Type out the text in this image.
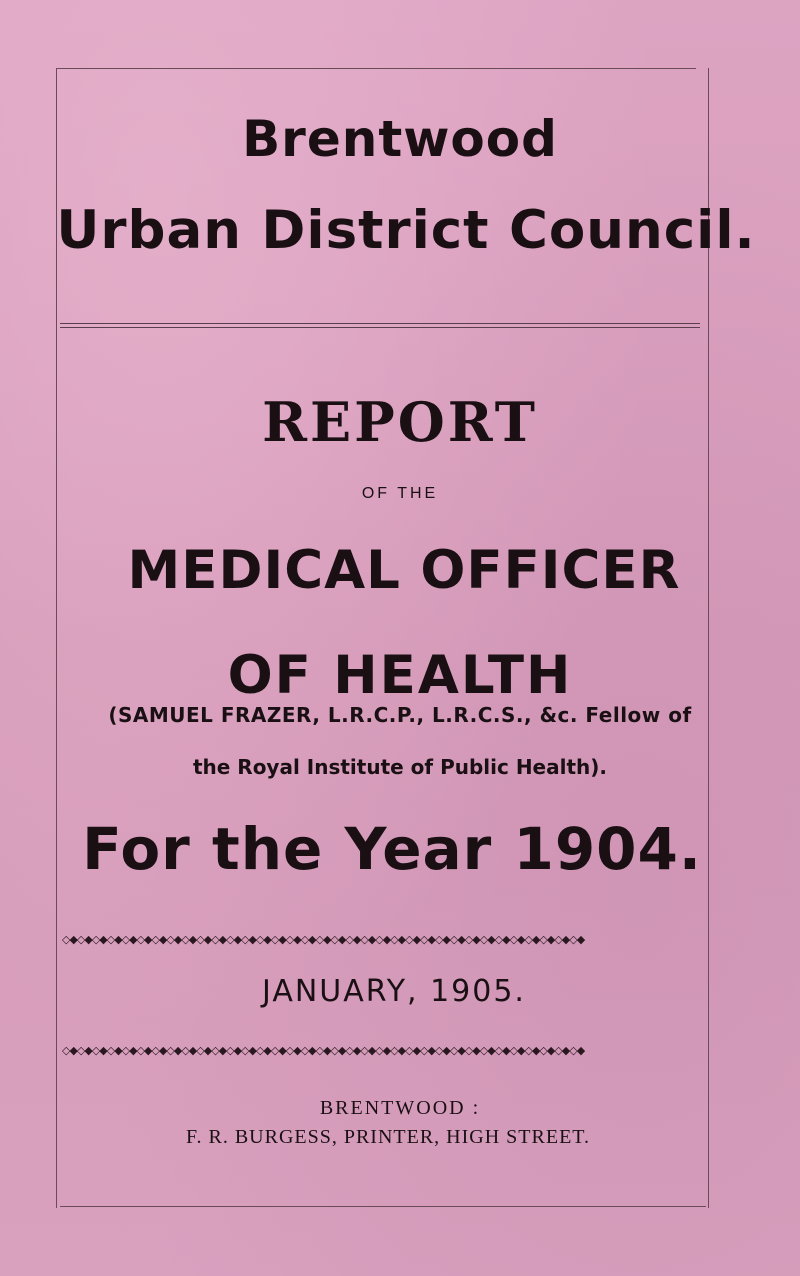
Brentwood
Urban District Council.
REPORT
OF THE
MEDICAL OFFICER
OF HEALTH
(SAMUEL FRAZER, L.R.C.P., L.R.C.S., &c. Fellow of
the Royal Institute of Public Health).
For the Year 1904.
◇◆◇◆◇◆◇◆◇◆◇◆◇◆◇◆◇◆◇◆◇◆◇◆◇◆◇◆◇◆◇◆◇◆◇◆◇◆◇◆◇◆◇◆◇◆◇◆◇◆◇◆◇◆◇◆◇◆◇◆◇◆◇◆◇◆◇◆◇◆
JANUARY, 1905.
◇◆◇◆◇◆◇◆◇◆◇◆◇◆◇◆◇◆◇◆◇◆◇◆◇◆◇◆◇◆◇◆◇◆◇◆◇◆◇◆◇◆◇◆◇◆◇◆◇◆◇◆◇◆◇◆◇◆◇◆◇◆◇◆◇◆◇◆◇◆
BRENTWOOD :
F. R. BURGESS, PRINTER, HIGH STREET.
